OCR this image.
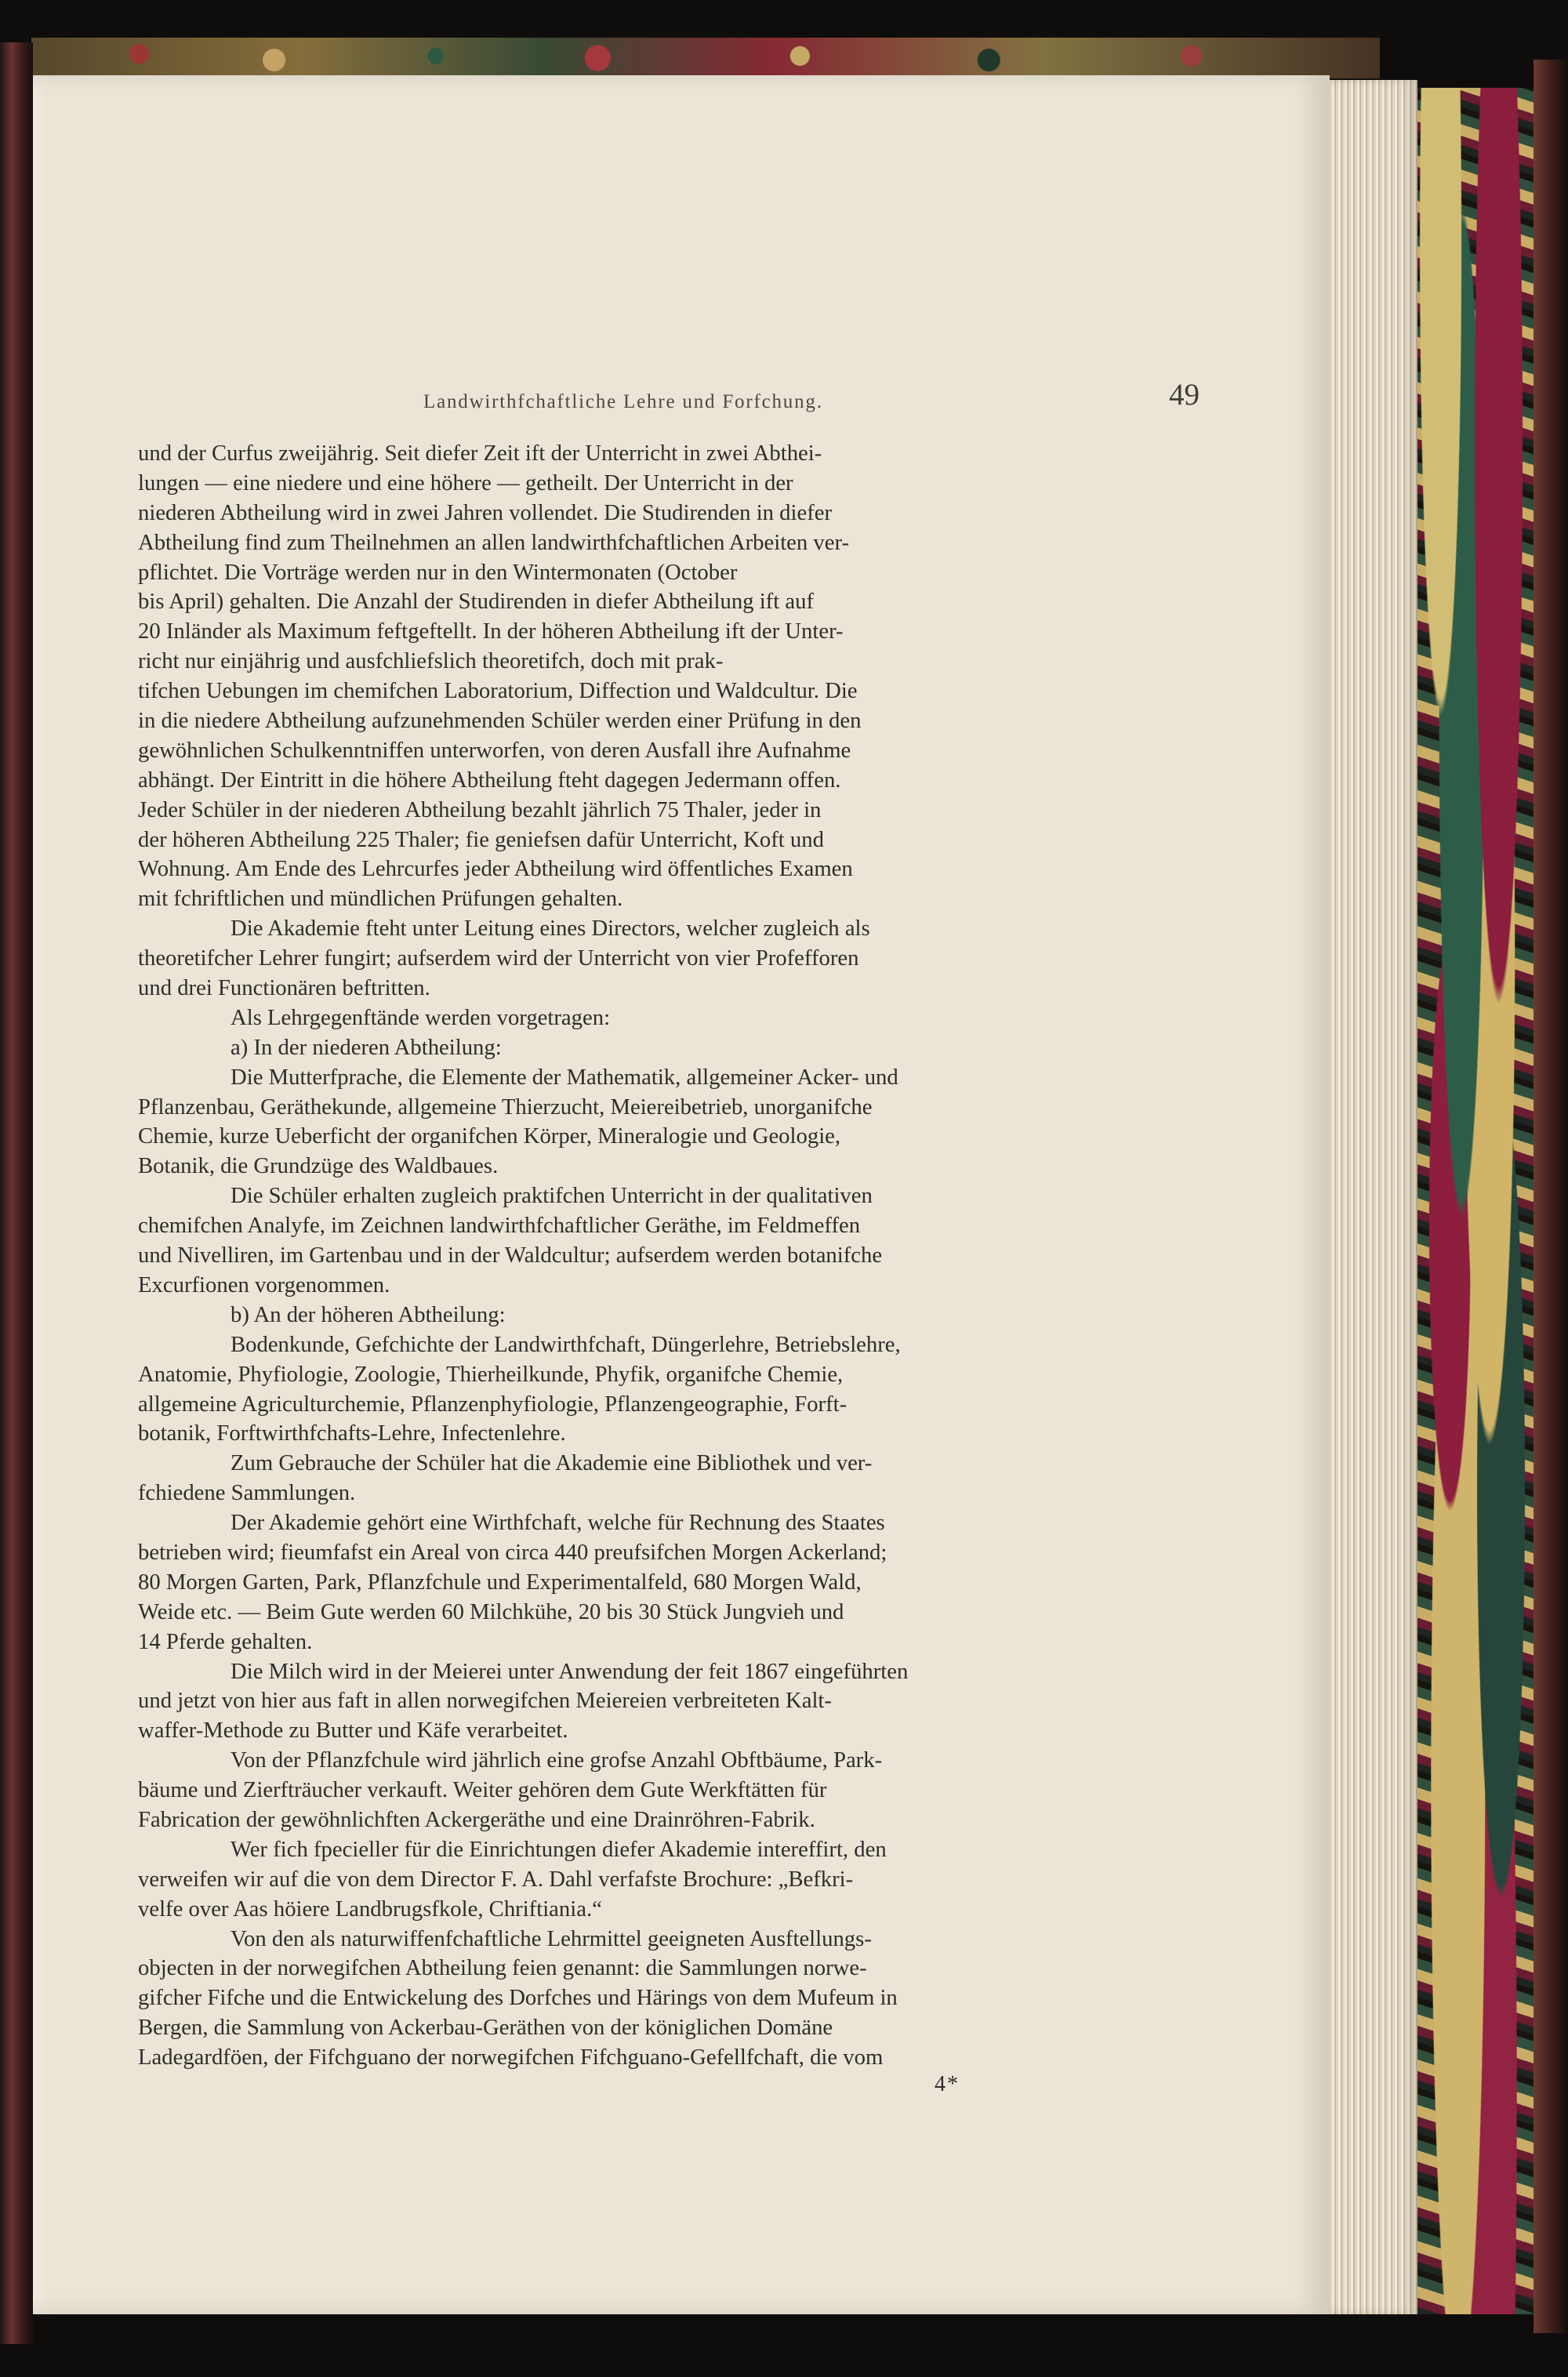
Landwirthfchaftliche Lehre und Forfchung.	49
und der Curfus zweijährig. Seit diefer Zeit ift der Unterricht in zwei Abthei-
lungen — eine niedere und eine höhere — getheilt. Der Unterricht in der
niederen Abtheilung wird in zwei Jahren vollendet. Die Studirenden in diefer
Abtheilung find zum Theilnehmen an allen landwirthfchaftlichen Arbeiten ver-
pflichtet. Die Vorträge werden nur in den Wintermonaten (October
bis April) gehalten. Die Anzahl der Studirenden in diefer Abtheilung ift auf
20 Inländer als Maximum feftgeftellt. In der höheren Abtheilung ift der Unter-
richt nur einjährig und ausfchliefslich theoretifch, doch mit prak-
tifchen Uebungen im chemifchen Laboratorium, Diffection und Waldcultur. Die
in die niedere Abtheilung aufzunehmenden Schüler werden einer Prüfung in den
gewöhnlichen Schulkenntniffen unterworfen, von deren Ausfall ihre Aufnahme
abhängt. Der Eintritt in die höhere Abtheilung fteht dagegen Jedermann offen.
Jeder Schüler in der niederen Abtheilung bezahlt jährlich 75 Thaler, jeder in
der höheren Abtheilung 225 Thaler; fie geniefsen dafür Unterricht, Koft und
Wohnung. Am Ende des Lehrcurfes jeder Abtheilung wird öffentliches Examen
mit fchriftlichen und mündlichen Prüfungen gehalten.
Die Akademie fteht unter Leitung eines Directors, welcher zugleich als
theoretifcher Lehrer fungirt; aufserdem wird der Unterricht von vier Profefforen
und drei Functionären beftritten.
Als Lehrgegenftände werden vorgetragen:
a) In der niederen Abtheilung:
Die Mutterfprache, die Elemente der Mathematik, allgemeiner Acker- und
Pflanzenbau, Geräthekunde, allgemeine Thierzucht, Meiereibetrieb, unorganifche
Chemie, kurze Ueberficht der organifchen Körper, Mineralogie und Geologie,
Botanik, die Grundzüge des Waldbaues.
Die Schüler erhalten zugleich praktifchen Unterricht in der qualitativen
chemifchen Analyfe, im Zeichnen landwirthfchaftlicher Geräthe, im Feldmeffen
und Nivelliren, im Gartenbau und in der Waldcultur; aufserdem werden botanifche
Excurfionen vorgenommen.
b) An der höheren Abtheilung:
Bodenkunde, Gefchichte der Landwirthfchaft, Düngerlehre, Betriebslehre,
Anatomie, Phyfiologie, Zoologie, Thierheilkunde, Phyfik, organifche Chemie,
allgemeine Agriculturchemie, Pflanzenphyfiologie, Pflanzengeographie, Forft-
botanik, Forftwirthfchafts-Lehre, Infectenlehre.
Zum Gebrauche der Schüler hat die Akademie eine Bibliothek und ver-
fchiedene Sammlungen.
Der Akademie gehört eine Wirthfchaft, welche für Rechnung des Staates
betrieben wird; fieumfafst ein Areal von circa 440 preufsifchen Morgen Ackerland;
80 Morgen Garten, Park, Pflanzfchule und Experimentalfeld, 680 Morgen Wald,
Weide etc. — Beim Gute werden 60 Milchkühe, 20 bis 30 Stück Jungvieh und
14 Pferde gehalten.
Die Milch wird in der Meierei unter Anwendung der feit 1867 eingeführten
und jetzt von hier aus faft in allen norwegifchen Meiereien verbreiteten Kalt-
waffer-Methode zu Butter und Käfe verarbeitet.
Von der Pflanzfchule wird jährlich eine grofse Anzahl Obftbäume, Park-
bäume und Zierfträucher verkauft. Weiter gehören dem Gute Werkftätten für
Fabrication der gewöhnlichften Ackergeräthe und eine Drainröhren-Fabrik.
Wer fich fpecieller für die Einrichtungen diefer Akademie intereffirt, den
verweifen wir auf die von dem Director F. A. Dahl verfafste Brochure: „Befkri-
velfe over Aas höiere Landbrugsfkole, Chriftiania.“
Von den als naturwiffenfchaftliche Lehrmittel geeigneten Ausftellungs-
objecten in der norwegifchen Abtheilung feien genannt: die Sammlungen norwe-
gifcher Fifche und die Entwickelung des Dorfches und Härings von dem Mufeum in
Bergen, die Sammlung von Ackerbau-Geräthen von der königlichen Domäne
Ladegardföen, der Fifchguano der norwegifchen Fifchguano-Gefellfchaft, die vom
4*
